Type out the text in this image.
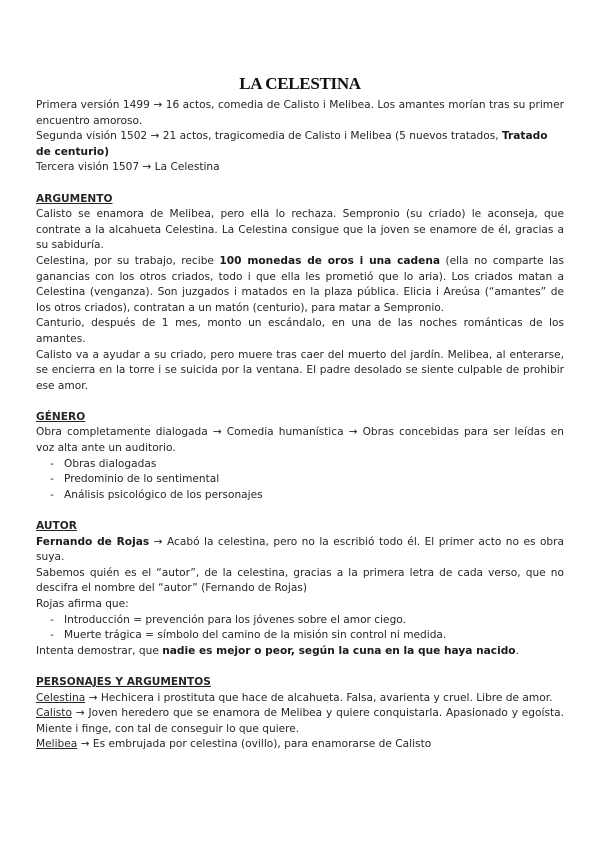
LA CELESTINA

Primera versión 1499 → 16 actos, comedia de Calisto i Melibea. Los amantes morían tras su primer encuentro amoroso.

Segunda visión 1502 → 21 actos, tragicomedia de Calisto i Melibea (5 nuevos tratados, Tratado de centurio)

Tercera visión 1507 → La Celestina

ARGUMENTO

Calisto se enamora de Melibea, pero ella lo rechaza. Sempronio (su criado) le aconseja, que contrate a la alcahueta Celestina. La Celestina consigue que la joven se enamore de él, gracias a su sabiduría.

Celestina, por su trabajo, recibe 100 monedas de oros i una cadena (ella no comparte las ganancias con los otros criados, todo i que ella les prometió que lo aria). Los criados matan a Celestina (venganza). Son juzgados i matados en la plaza pública. Elicia i Areúsa (“amantes” de los otros criados), contratan a un matón (centurio), para matar a Sempronio.

Canturio, después de 1 mes, monto un escándalo, en una de las noches románticas de los amantes.

Calisto va a ayudar a su criado, pero muere tras caer del muerto del jardín. Melibea, al enterarse, se encierra en la torre i se suicida por la ventana. El padre desolado se siente culpable de prohibir ese amor.

GÉNERO

Obra completamente dialogada → Comedia humanística → Obras concebidas para ser leídas en voz alta ante un auditorio.

- Obras dialogadas
- Predominio de lo sentimental
- Análisis psicológico de los personajes

AUTOR

Fernando de Rojas → Acabó la celestina, pero no la escribió todo él. El primer acto no es obra suya.

Sabemos quién es el “autor”, de la celestina, gracias a la primera letra de cada verso, que no descifra el nombre del “autor” (Fernando de Rojas)

Rojas afirma que:

- Introducción = prevención para los jóvenes sobre el amor ciego.
- Muerte trágica = símbolo del camino de la misión sin control ni medida.

Intenta demostrar, que nadie es mejor o peor, según la cuna en la que haya nacido.

PERSONAJES Y ARGUMENTOS

Celestina → Hechicera i prostituta que hace de alcahueta. Falsa, avarienta y cruel. Libre de amor.

Calisto → Joven heredero que se enamora de Melibea y quiere conquistarla. Apasionado y egoísta. Miente i finge, con tal de conseguir lo que quiere.

Melibea → Es embrujada por celestina (ovillo), para enamorarse de Calisto
